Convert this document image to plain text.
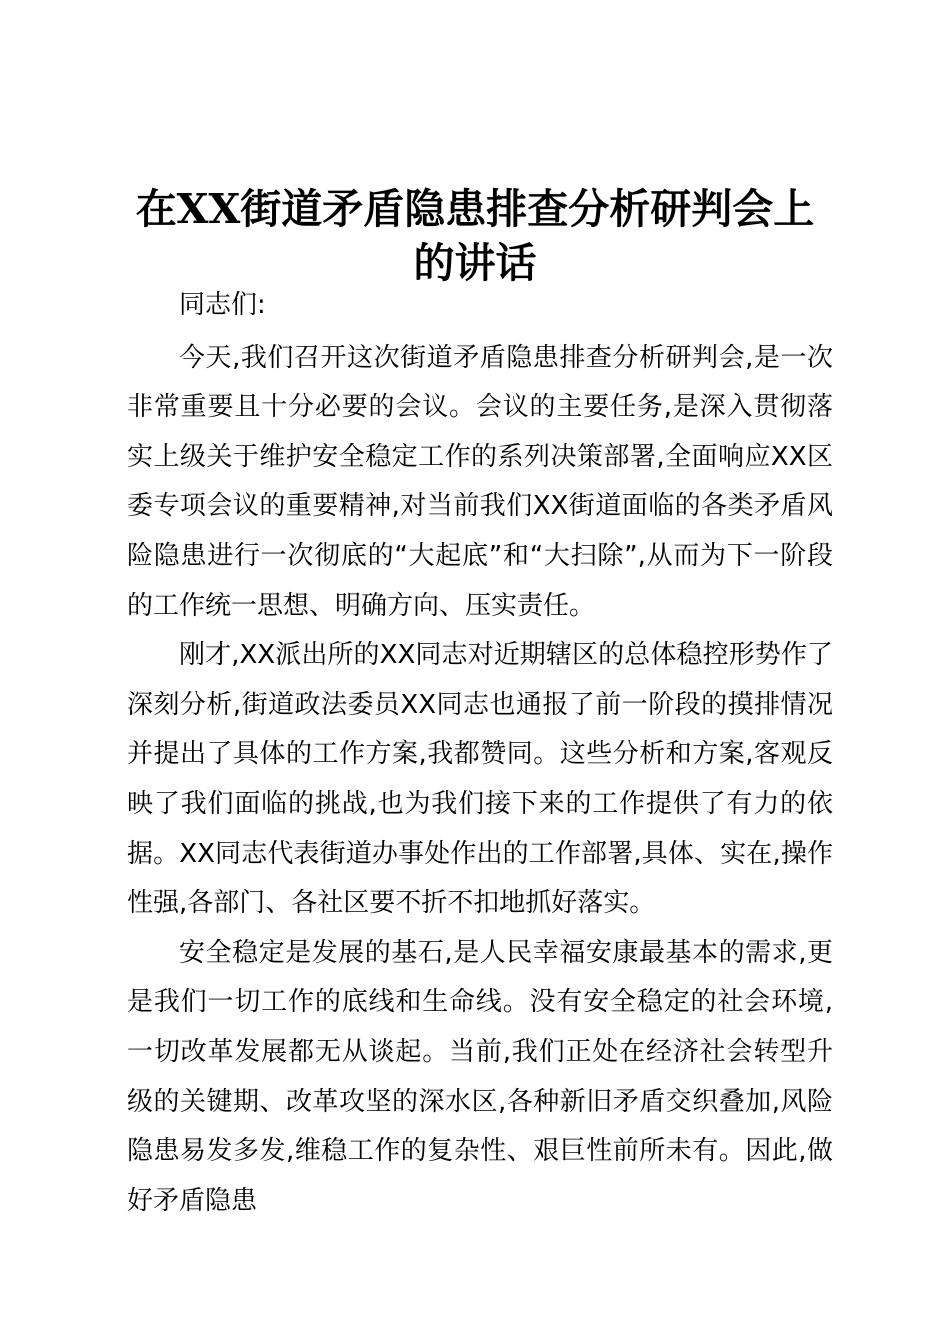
在XX街道矛盾隐患排查分析研判会上的讲话

同志们:

今天,我们召开这次街道矛盾隐患排查分析研判会,是一次非常重要且十分必要的会议。会议的主要任务,是深入贯彻落实上级关于维护安全稳定工作的系列决策部署,全面响应XX区委专项会议的重要精神,对当前我们XX街道面临的各类矛盾风险隐患进行一次彻底的“大起底”和“大扫除”,从而为下一阶段的工作统一思想、明确方向、压实责任。

刚才,XX派出所的XX同志对近期辖区的总体稳控形势作了深刻分析,街道政法委员XX同志也通报了前一阶段的摸排情况并提出了具体的工作方案,我都赞同。这些分析和方案,客观反映了我们面临的挑战,也为我们接下来的工作提供了有力的依据。XX同志代表街道办事处作出的工作部署,具体、实在,操作性强,各部门、各社区要不折不扣地抓好落实。

安全稳定是发展的基石,是人民幸福安康最基本的需求,更是我们一切工作的底线和生命线。没有安全稳定的社会环境,一切改革发展都无从谈起。当前,我们正处在经济社会转型升级的关键期、改革攻坚的深水区,各种新旧矛盾交织叠加,风险隐患易发多发,维稳工作的复杂性、艰巨性前所未有。因此,做好矛盾隐患
